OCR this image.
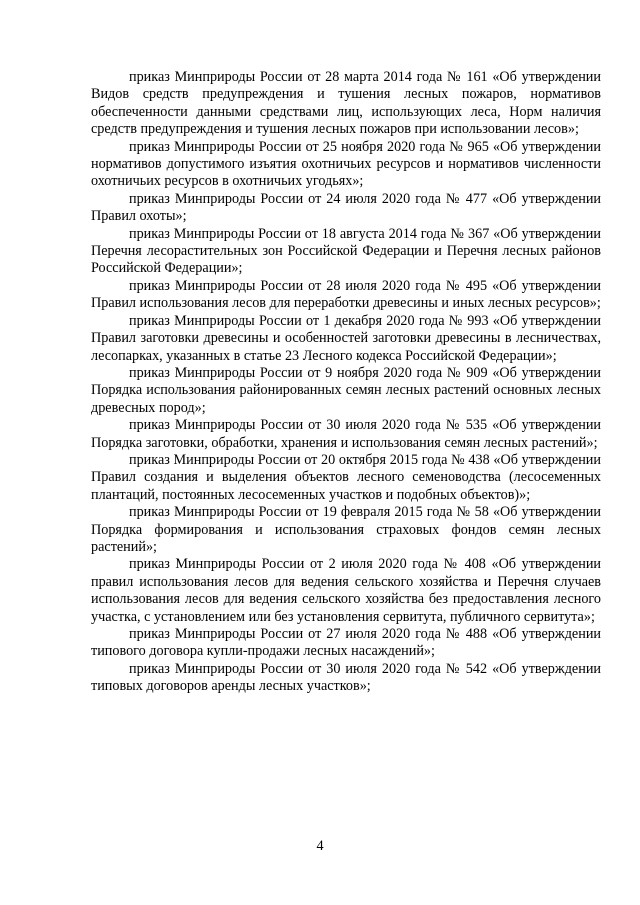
приказ Минприроды России от 28 марта 2014 года № 161 «Об утверждении Видов средств предупреждения и тушения лесных пожаров, нормативов обеспеченности данными средствами лиц, использующих леса, Норм наличия средств предупреждения и тушения лесных пожаров при использовании лесов»;

приказ Минприроды России от 25 ноября 2020 года № 965 «Об утверждении нормативов допустимого изъятия охотничьих ресурсов и нормативов численности охотничьих ресурсов в охотничьих угодьях»;

приказ Минприроды России от 24 июля 2020 года № 477 «Об утверждении Правил охоты»;

приказ Минприроды России от 18 августа 2014 года № 367 «Об утверждении Перечня лесорастительных зон Российской Федерации и Перечня лесных районов Российской Федерации»;

приказ Минприроды России от 28 июля 2020 года № 495 «Об утверждении Правил использования лесов для переработки древесины и иных лесных ресурсов»;

приказ Минприроды России от 1 декабря 2020 года № 993 «Об утверждении Правил заготовки древесины и особенностей заготовки древесины в лесничествах, лесопарках, указанных в статье 23 Лесного кодекса Российской Федерации»;

приказ Минприроды России от 9 ноября 2020 года № 909 «Об утверждении Порядка использования районированных семян лесных растений основных лесных древесных пород»;

приказ Минприроды России от 30 июля 2020 года № 535 «Об утверждении Порядка заготовки, обработки, хранения и использования семян лесных растений»;

приказ Минприроды России от 20 октября 2015 года № 438 «Об утверждении Правил создания и выделения объектов лесного семеноводства (лесосеменных плантаций, постоянных лесосеменных участков и подобных объектов)»;

приказ Минприроды России от 19 февраля 2015 года № 58 «Об утверждении Порядка формирования и использования страховых фондов семян лесных растений»;

приказ Минприроды России от 2 июля 2020 года № 408 «Об утверждении правил использования лесов для ведения сельского хозяйства и Перечня случаев использования лесов для ведения сельского хозяйства без предоставления лесного участка, с установлением или без установления сервитута, публичного сервитута»;

приказ Минприроды России от 27 июля 2020 года № 488 «Об утверждении типового договора купли-продажи лесных насаждений»;

приказ Минприроды России от 30 июля 2020 года № 542 «Об утверждении типовых договоров аренды лесных участков»;

4
